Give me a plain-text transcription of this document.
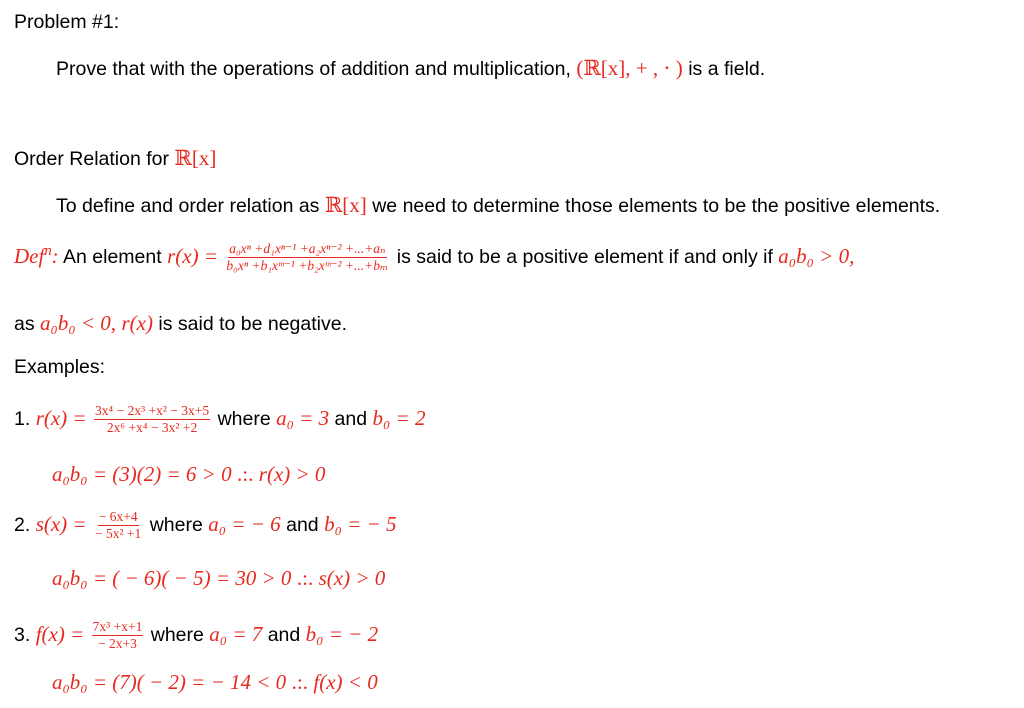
Problem #1:
Prove that with the operations of addition and multiplication, (ℝ[x], + , ⋅ ) is a field.
Order Relation for ℝ[x]
To define and order relation as ℝ[x] we need to determine those elements to be the positive elements.
Def$^n$: An element $r(x) = \frac{\text{a₀xⁿ +d₁xⁿ⁻¹ +a₂xⁿ⁻² +...+aₙ}}{\text{b₀xⁿ +b₁xᵐ⁻¹ +b₂xᵐ⁻² +...+bₘ}}$ is said to be a positive element if and only if a₀b₀ > 0,
as a₀b₀ < 0, r(x) is said to be negative.
Examples:
1. $r(x) = \frac{\text{3x⁴ − 2x³ +x² − 3x+5}}{\text{2x⁶ +x⁴ − 3x² +2}}$ where a₀ = 3 and b₀ = 2
a₀b₀ = (3)(2) = 6 > 0 .:. r(x) > 0
2. $s(x) = \frac{- 6x+4}{\text{− 5x² +1}}$ where a₀ = − 6 and b₀ = − 5
a₀b₀ = ( − 6)( − 5) = 30 > 0 .:. s(x) > 0
3. $f(x) = \frac{\text{7x³ +x+1}}{- 2x+3}$ where a₀ = 7 and b₀ = − 2
a₀b₀ = (7)( − 2) = − 14 < 0 .:. f(x) < 0
